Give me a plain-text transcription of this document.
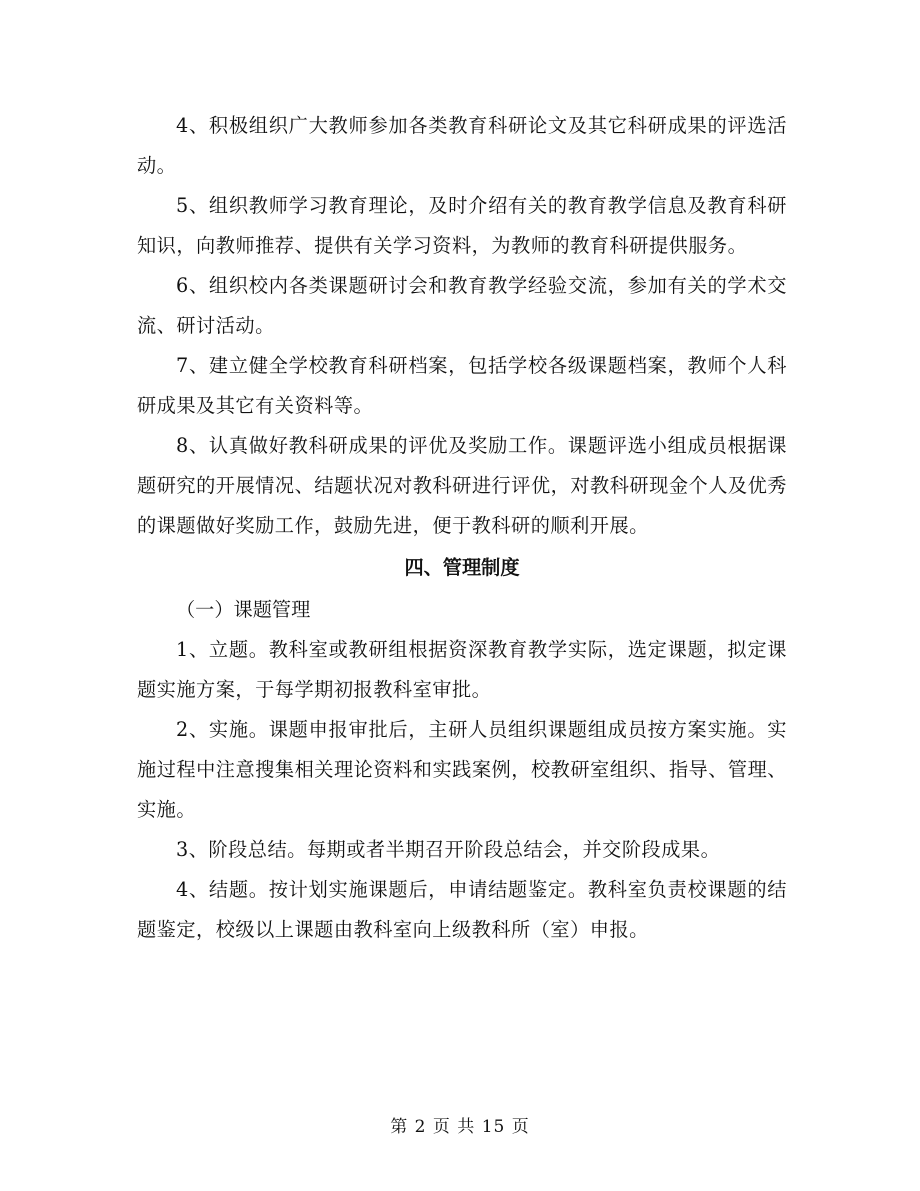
4、积极组织广大教师参加各类教育科研论文及其它科研成果的评选活动。

5、组织教师学习教育理论，及时介绍有关的教育教学信息及教育科研知识，向教师推荐、提供有关学习资料，为教师的教育科研提供服务。

6、组织校内各类课题研讨会和教育教学经验交流，参加有关的学术交流、研讨活动。

7、建立健全学校教育科研档案，包括学校各级课题档案，教师个人科研成果及其它有关资料等。

8、认真做好教科研成果的评优及奖励工作。课题评选小组成员根据课题研究的开展情况、结题状况对教科研进行评优，对教科研现金个人及优秀的课题做好奖励工作，鼓励先进，便于教科研的顺利开展。

四、管理制度

（一）课题管理

1、立题。教科室或教研组根据资深教育教学实际，选定课题，拟定课题实施方案，于每学期初报教科室审批。

2、实施。课题申报审批后，主研人员组织课题组成员按方案实施。实施过程中注意搜集相关理论资料和实践案例，校教研室组织、指导、管理、实施。

3、阶段总结。每期或者半期召开阶段总结会，并交阶段成果。

4、结题。按计划实施课题后，申请结题鉴定。教科室负责校课题的结题鉴定，校级以上课题由教科室向上级教科所（室）申报。

第 2 页 共 15 页
